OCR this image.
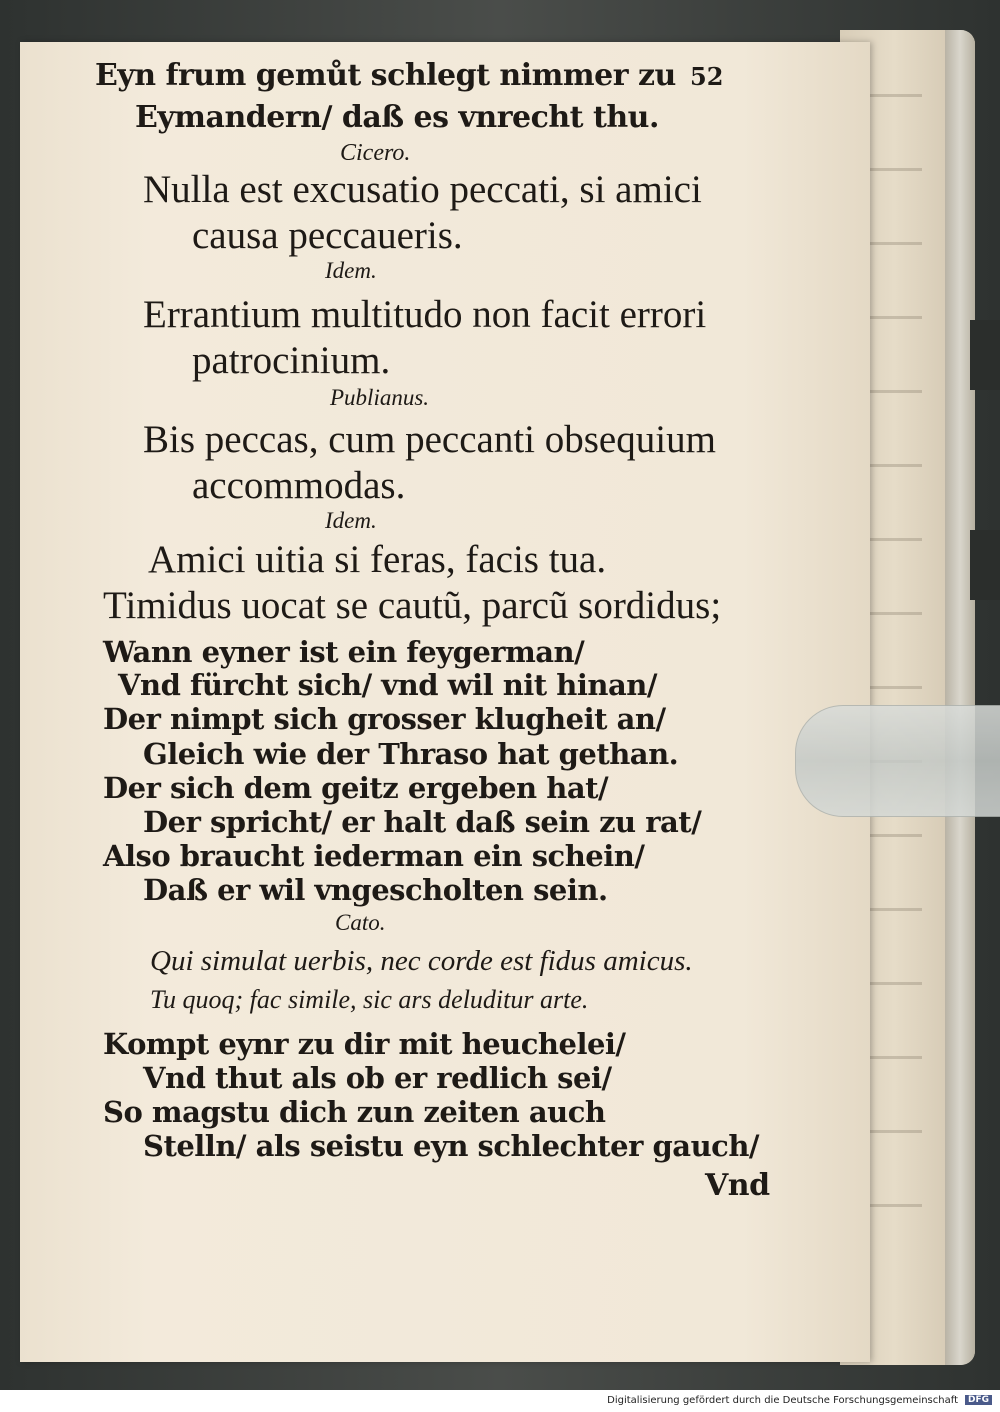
52
Eyn frum gemůt schlegt nimmer zu
Eymandern/ daß es vnrecht thu.
Cicero.
Nulla est excusatio peccati, si amici
causa peccaueris.
Idem.
Errantium multitudo non facit errori
patrocinium.
Publianus.
Bis peccas, cum peccanti obsequium
accommodas.
Idem.
Amici uitia si feras, facis tua.
Timidus uocat se cautũ, parcũ sordidus;
Wann eyner ist ein feygerman/
Vnd fürcht sich/ vnd wil nit hinan/
Der nimpt sich grosser klugheit an/
Gleich wie der Thraso hat gethan.
Der sich dem geitz ergeben hat/
Der spricht/ er halt daß sein zu rat/
Also braucht iederman ein schein/
Daß er wil vngescholten sein.
Cato.
Qui simulat uerbis, nec corde est fidus amicus.
Tu quoq; fac simile, sic ars deluditur arte.
Kompt eynr zu dir mit heuchelei/
Vnd thut als ob er redlich sei/
So magstu dich zun zeiten auch
Stelln/ als seistu eyn schlechter gauch/
Vnd
Digitalisierung gefördert durch die Deutsche Forschungsgemeinschaft	DFG
